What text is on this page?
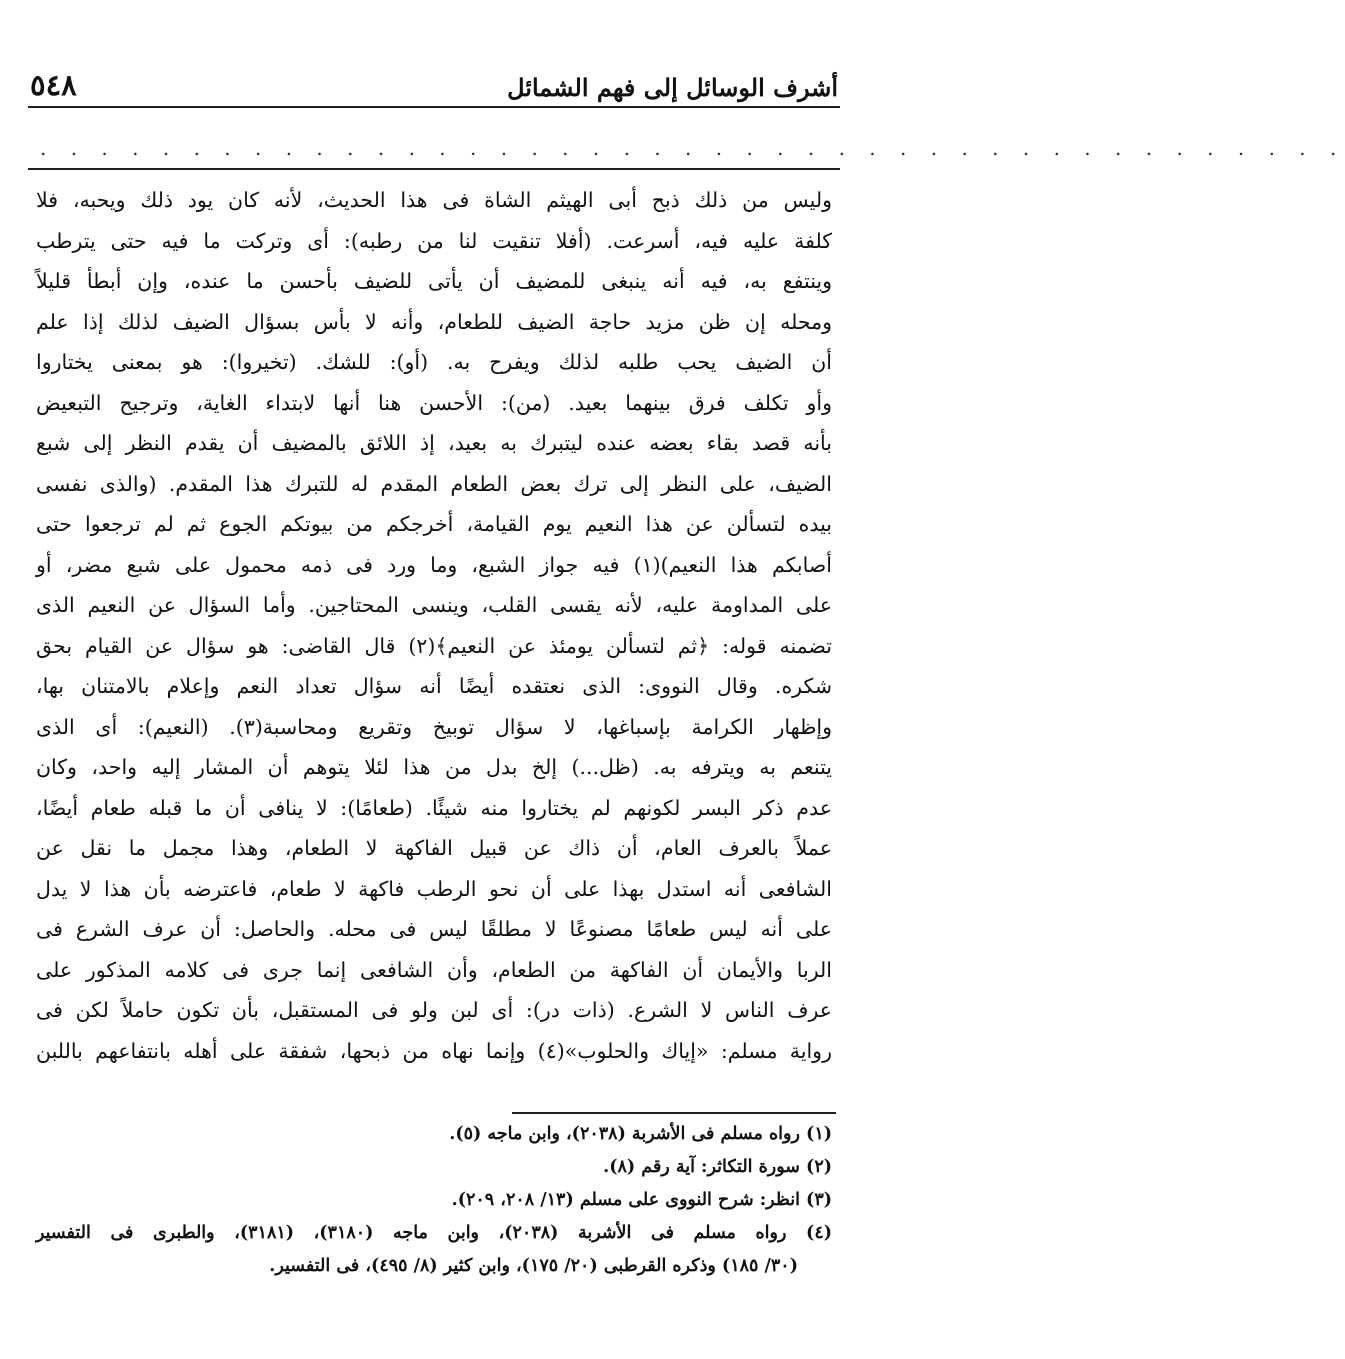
أشرف الوسائل إلى فهم الشمائل
٥٤٨
. . . . . . . . . . . . . . . . . . . . . . . . . . . . . . . . . . . . . . . . . . .
وليس من ذلك ذبح أبى الهيثم الشاة فى هذا الحديث، لأنه كان يود ذلك ويحبه، فلا
كلفة عليه فيه، أسرعت. (أفلا تنقيت لنا من رطبه): أى وتركت ما فيه حتى يترطب
وينتفع به، فيه أنه ينبغى للمضيف أن يأتى للضيف بأحسن ما عنده، وإن أبطأ قليلاً
ومحله إن ظن مزيد حاجة الضيف للطعام، وأنه لا بأس بسؤال الضيف لذلك إذا علم
أن الضيف يحب طلبه لذلك ويفرح به. (أو): للشك. (تخيروا): هو بمعنى يختاروا
وأو تكلف فرق بينهما بعيد. (من): الأحسن هنا أنها لابتداء الغاية، وترجيح التبعيض
بأنه قصد بقاء بعضه عنده ليتبرك به بعيد، إذ اللائق بالمضيف أن يقدم النظر إلى شبع
الضيف، على النظر إلى ترك بعض الطعام المقدم له للتبرك هذا المقدم. (والذى نفسى
بيده لتسألن عن هذا النعيم يوم القيامة، أخرجكم من بيوتكم الجوع ثم لم ترجعوا حتى
أصابكم هذا النعيم)(١) فيه جواز الشبع، وما ورد فى ذمه محمول على شبع مضر، أو
على المداومة عليه، لأنه يقسى القلب، وينسى المحتاجين. وأما السؤال عن النعيم الذى
تضمنه قوله: ﴿ثم لتسألن يومئذ عن النعيم﴾(٢) قال القاضى: هو سؤال عن القيام بحق
شكره. وقال النووى: الذى نعتقده أيضًا أنه سؤال تعداد النعم وإعلام بالامتنان بها،
وإظهار الكرامة بإسباغها، لا سؤال توبيخ وتقريع ومحاسبة(٣). (النعيم): أى الذى
يتنعم به ويترفه به. (ظل...) إلخ بدل من هذا لئلا يتوهم أن المشار إليه واحد، وكان
عدم ذكر البسر لكونهم لم يختاروا منه شيئًا. (طعامًا): لا ينافى أن ما قبله طعام أيضًا،
عملاً بالعرف العام، أن ذاك عن قبيل الفاكهة لا الطعام، وهذا مجمل ما نقل عن
الشافعى أنه استدل بهذا على أن نحو الرطب فاكهة لا طعام، فاعترضه بأن هذا لا يدل
على أنه ليس طعامًا مصنوعًا لا مطلقًا ليس فى محله. والحاصل: أن عرف الشرع فى
الربا والأيمان أن الفاكهة من الطعام، وأن الشافعى إنما جرى فى كلامه المذكور على
عرف الناس لا الشرع. (ذات در): أى لبن ولو فى المستقبل، بأن تكون حاملاً لكن فى
رواية مسلم: «إياك والحلوب»(٤) وإنما نهاه من ذبحها، شفقة على أهله بانتفاعهم باللبن
(١) رواه مسلم فى الأشربة (٢٠٣٨)، وابن ماجه (٥).
(٢) سورة التكاثر: آية رقم (٨).
(٣) انظر: شرح النووى على مسلم (١٣/ ٢٠٨، ٢٠٩).
(٤) رواه مسلم فى الأشربة (٢٠٣٨)، وابن ماجه (٣١٨٠)، (٣١٨١)، والطبرى فى التفسير
(٣٠/ ١٨٥) وذكره القرطبى (٢٠/ ١٧٥)، وابن كثير (٨/ ٤٩٥)، فى التفسير.
